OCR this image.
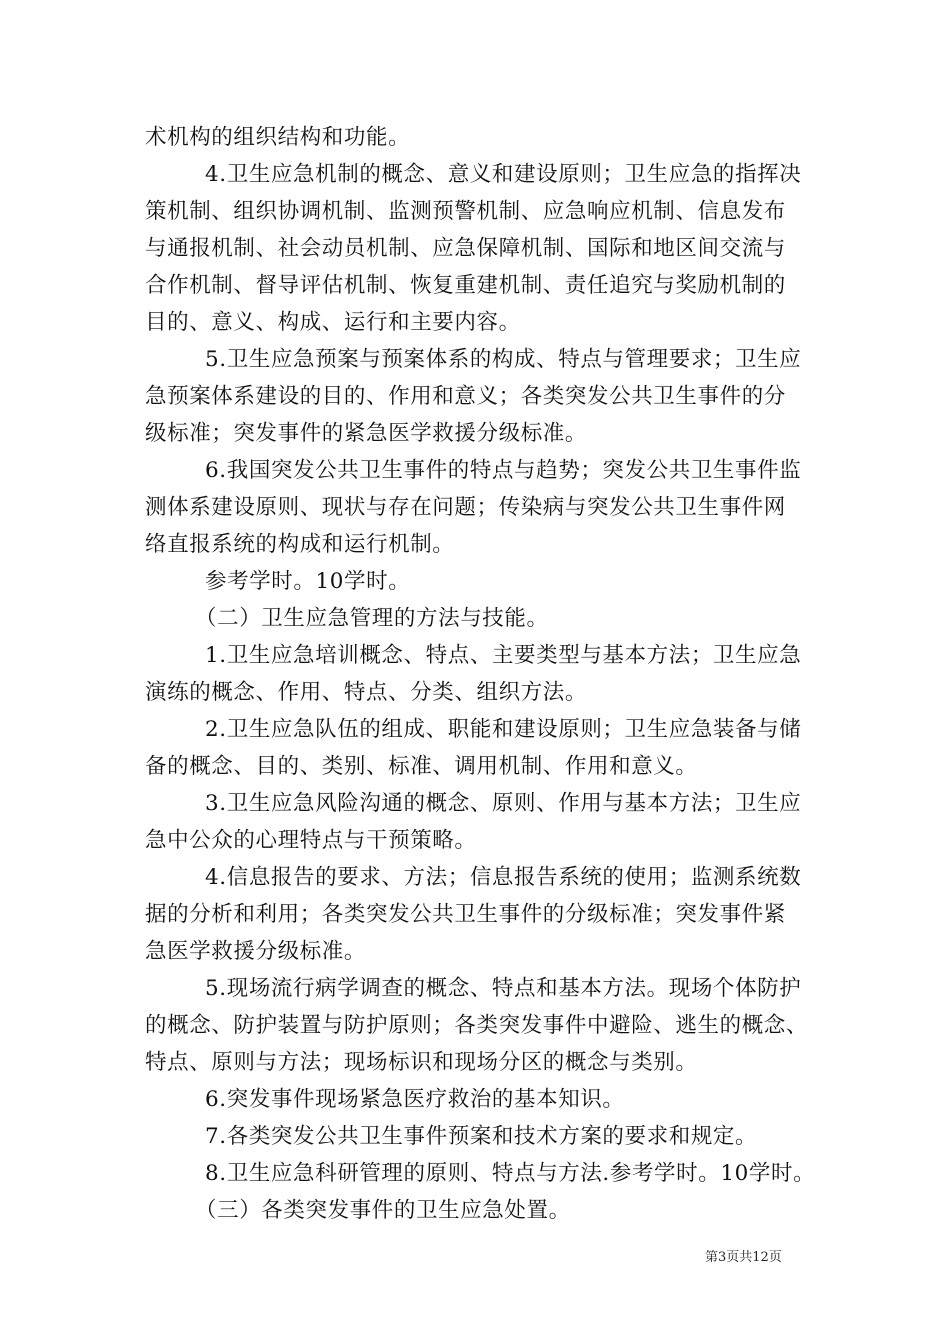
术机构的组织结构和功能。
4.卫生应急机制的概念、意义和建设原则；卫生应急的指挥决
策机制、组织协调机制、监测预警机制、应急响应机制、信息发布
与通报机制、社会动员机制、应急保障机制、国际和地区间交流与
合作机制、督导评估机制、恢复重建机制、责任追究与奖励机制的
目的、意义、构成、运行和主要内容。
5.卫生应急预案与预案体系的构成、特点与管理要求；卫生应
急预案体系建设的目的、作用和意义；各类突发公共卫生事件的分
级标准；突发事件的紧急医学救援分级标准。
6.我国突发公共卫生事件的特点与趋势；突发公共卫生事件监
测体系建设原则、现状与存在问题；传染病与突发公共卫生事件网
络直报系统的构成和运行机制。
参考学时。10学时。
（二）卫生应急管理的方法与技能。
1.卫生应急培训概念、特点、主要类型与基本方法；卫生应急
演练的概念、作用、特点、分类、组织方法。
2.卫生应急队伍的组成、职能和建设原则；卫生应急装备与储
备的概念、目的、类别、标准、调用机制、作用和意义。
3.卫生应急风险沟通的概念、原则、作用与基本方法；卫生应
急中公众的心理特点与干预策略。
4.信息报告的要求、方法；信息报告系统的使用；监测系统数
据的分析和利用；各类突发公共卫生事件的分级标准；突发事件紧
急医学救援分级标准。
5.现场流行病学调查的概念、特点和基本方法。现场个体防护
的概念、防护装置与防护原则；各类突发事件中避险、逃生的概念、
特点、原则与方法；现场标识和现场分区的概念与类别。
6.突发事件现场紧急医疗救治的基本知识。
7.各类突发公共卫生事件预案和技术方案的要求和规定。
8.卫生应急科研管理的原则、特点与方法.参考学时。10学时。
（三）各类突发事件的卫生应急处置。
第3页共12页
